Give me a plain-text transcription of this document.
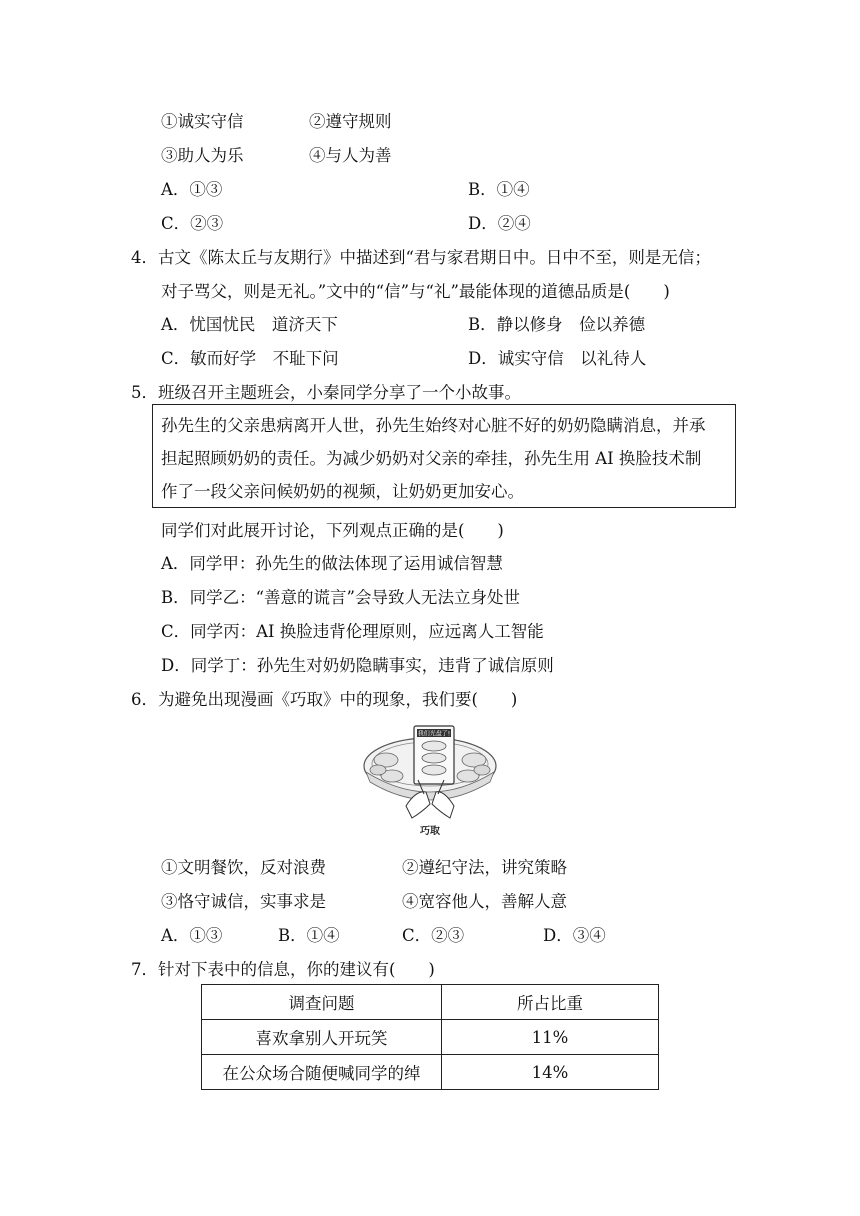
①诚实守信	②遵守规则
③助人为乐	④与人为善
A．①③	B．①④
C．②③	D．②④
4． 古文《陈太丘与友期行》中描述到“君与家君期日中。日中不至，则是无信；
对子骂父，则是无礼。”文中的“信”与“礼”最能体现的道德品质是(　　)
A．忧国忧民　道济天下	B．静以修身　俭以养德
C．敏而好学　不耻下问	D．诚实守信　以礼待人
5． 班级召开主题班会，小秦同学分享了一个小故事。
孙先生的父亲患病离开人世，孙先生始终对心脏不好的奶奶隐瞒消息，并承
担起照顾奶奶的责任。为减少奶奶对父亲的牵挂，孙先生用 AI 换脸技术制
作了一段父亲问候奶奶的视频，让奶奶更加安心。
同学们对此展开讨论，下列观点正确的是(　　)
A．同学甲：孙先生的做法体现了运用诚信智慧
B．同学乙：“善意的谎言”会导致人无法立身处世
C．同学丙：AI 换脸违背伦理原则，应远离人工智能
D．同学丁：孙先生对奶奶隐瞒事实，违背了诚信原则
6． 为避免出现漫画《巧取》中的现象，我们要(　　)
我们光盘了!
巧取
①文明餐饮，反对浪费	②遵纪守法，讲究策略
③恪守诚信，实事求是	④宽容他人，善解人意
A．①③	B．①④	C．②③	D．③④
7． 针对下表中的信息，你的建议有(　　)
调查问题	所占比重
喜欢拿别人开玩笑	11%
在公众场合随便喊同学的绰	14%
